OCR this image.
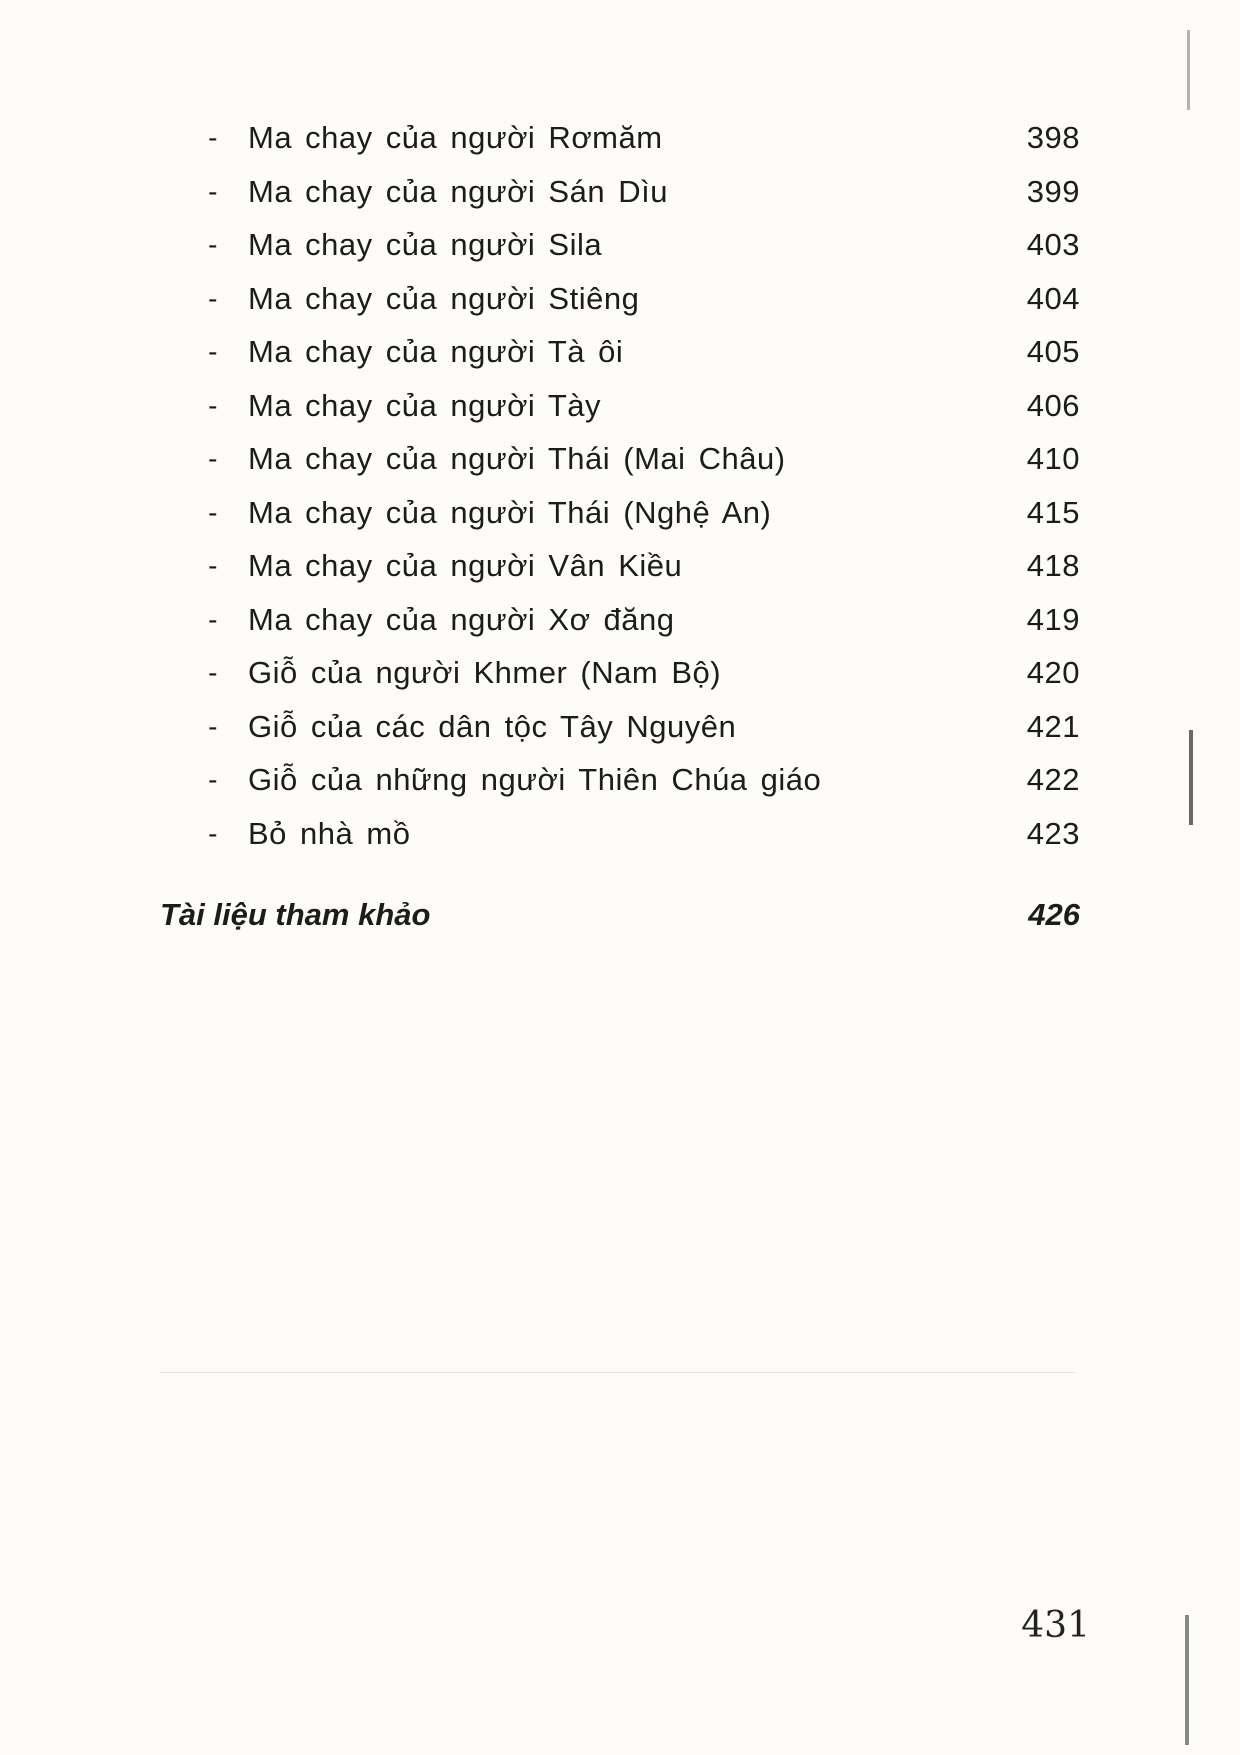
- Ma chay của người Rơmăm	398
- Ma chay của người Sán Dìu	399
- Ma chay của người Sila	403
- Ma chay của người Stiêng	404
- Ma chay của người Tà ôi	405
- Ma chay của người Tày	406
- Ma chay của người Thái (Mai Châu)	410
- Ma chay của người Thái (Nghệ An)	415
- Ma chay của người Vân Kiều	418
- Ma chay của người Xơ đăng	419
- Giỗ của người Khmer (Nam Bộ)	420
- Giỗ của các dân tộc Tây Nguyên	421
- Giỗ của những người Thiên Chúa giáo	422
- Bỏ nhà mồ	423
Tài liệu tham khảo	426
431
